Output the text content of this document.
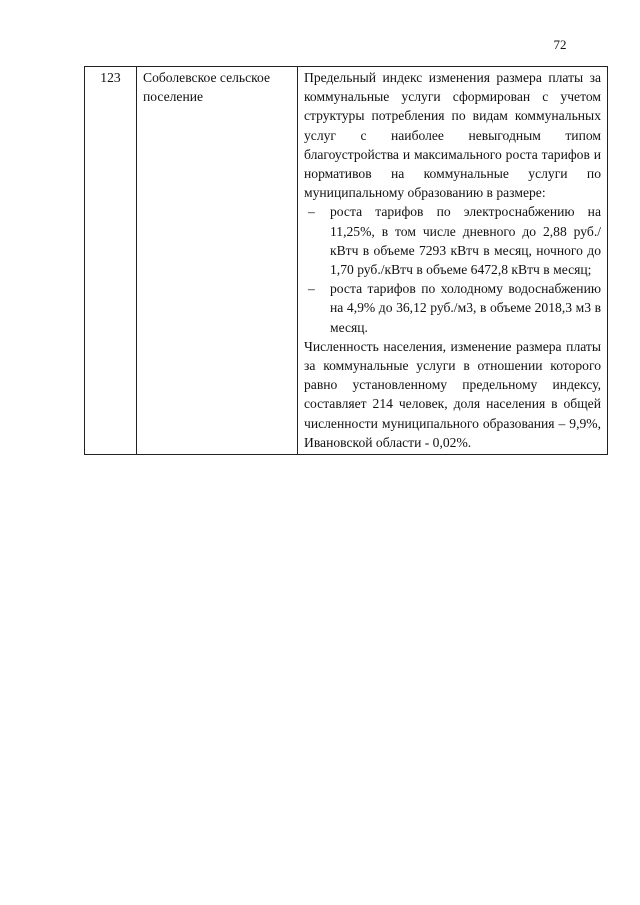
72
123	Соболевское сельское поселение	

Предельный индекс изменения размера платы за коммунальные услуги сформирован с учетом структуры потребления по видам коммунальных услуг с наиболее невыгодным типом благоустройства и максимального роста тарифов и нормативов на коммунальные услуги по муниципальному образованию в размере:

–	роста тарифов по электроснабжению на 11,25%, в том числе дневного до 2,88 руб./кВтч в объеме 7293 кВтч в месяц, ночного до 1,70 руб./кВтч в объеме 6472,8 кВтч в месяц;
–	роста тарифов по холодному водоснабжению на 4,9% до 36,12 руб./м3, в объеме 2018,3 м3 в месяц.

Численность населения, изменение размера платы за коммунальные услуги в отношении которого равно установленному предельному индексу, составляет 214 человек, доля населения в общей численности муниципального образования – 9,9%, Ивановской области - 0,02%.
